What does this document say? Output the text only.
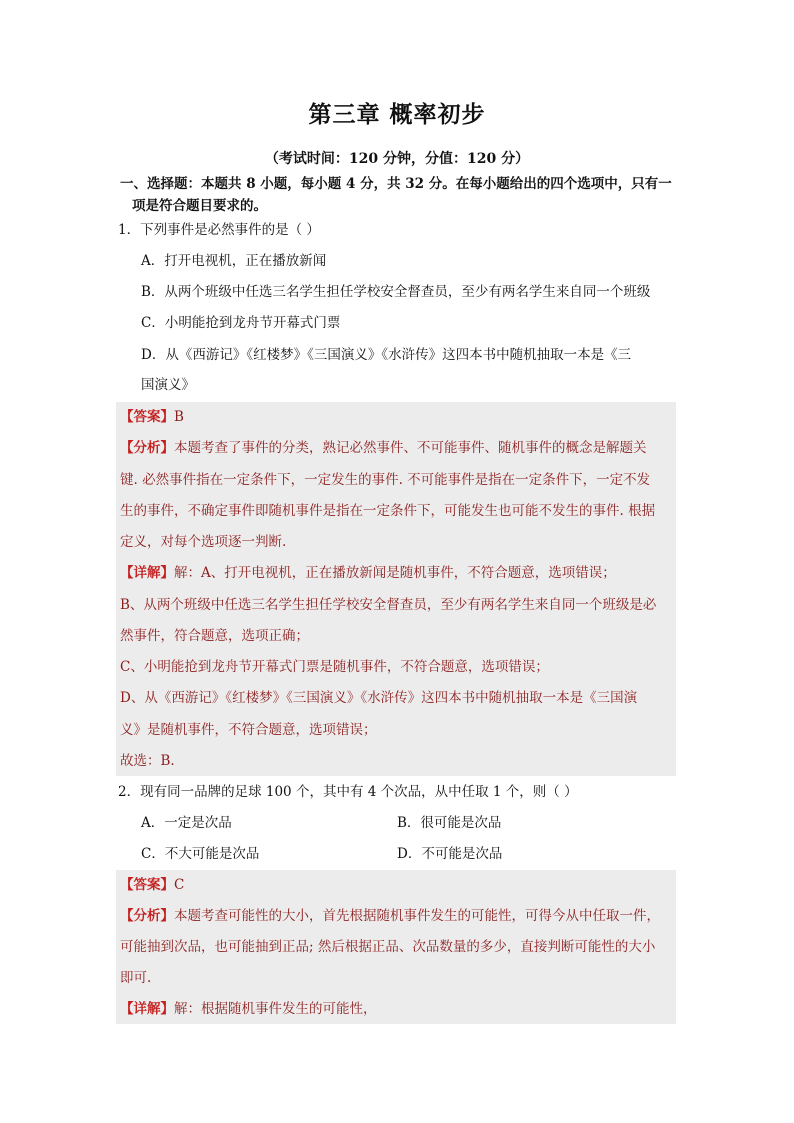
第三章 概率初步
（考试时间：120 分钟，分值：120 分）
一、选择题：本题共 8 小题，每小题 4 分，共 32 分。在每小题给出的四个选项中，只有一
项是符合题目要求的。
1．下列事件是必然事件的是（ ）
A．打开电视机，正在播放新闻
B．从两个班级中任选三名学生担任学校安全督查员，至少有两名学生来自同一个班级
C．小明能抢到龙舟节开幕式门票
D．从《西游记》《红楼梦》《三国演义》《水浒传》这四本书中随机抽取一本是《三
国演义》
【答案】B
【分析】本题考查了事件的分类，熟记必然事件、不可能事件、随机事件的概念是解题关
键. 必然事件指在一定条件下，一定发生的事件. 不可能事件是指在一定条件下，一定不发
生的事件，不确定事件即随机事件是指在一定条件下，可能发生也可能不发生的事件. 根据
定义，对每个选项逐一判断.
【详解】解：A、打开电视机，正在播放新闻是随机事件，不符合题意，选项错误；
B、从两个班级中任选三名学生担任学校安全督查员，至少有两名学生来自同一个班级是必
然事件，符合题意，选项正确；
C、小明能抢到龙舟节开幕式门票是随机事件，不符合题意，选项错误；
D、从《西游记》《红楼梦》《三国演义》《水浒传》这四本书中随机抽取一本是《三国演
义》是随机事件，不符合题意，选项错误；
故选：B.
2．现有同一品牌的足球 100 个，其中有 4 个次品，从中任取 1 个，则（ ）
A．一定是次品	B．很可能是次品
C．不大可能是次品	D．不可能是次品
【答案】C
【分析】本题考查可能性的大小，首先根据随机事件发生的可能性，可得今从中任取一件，
可能抽到次品，也可能抽到正品; 然后根据正品、次品数量的多少，直接判断可能性的大小
即可.
【详解】解：根据随机事件发生的可能性，
